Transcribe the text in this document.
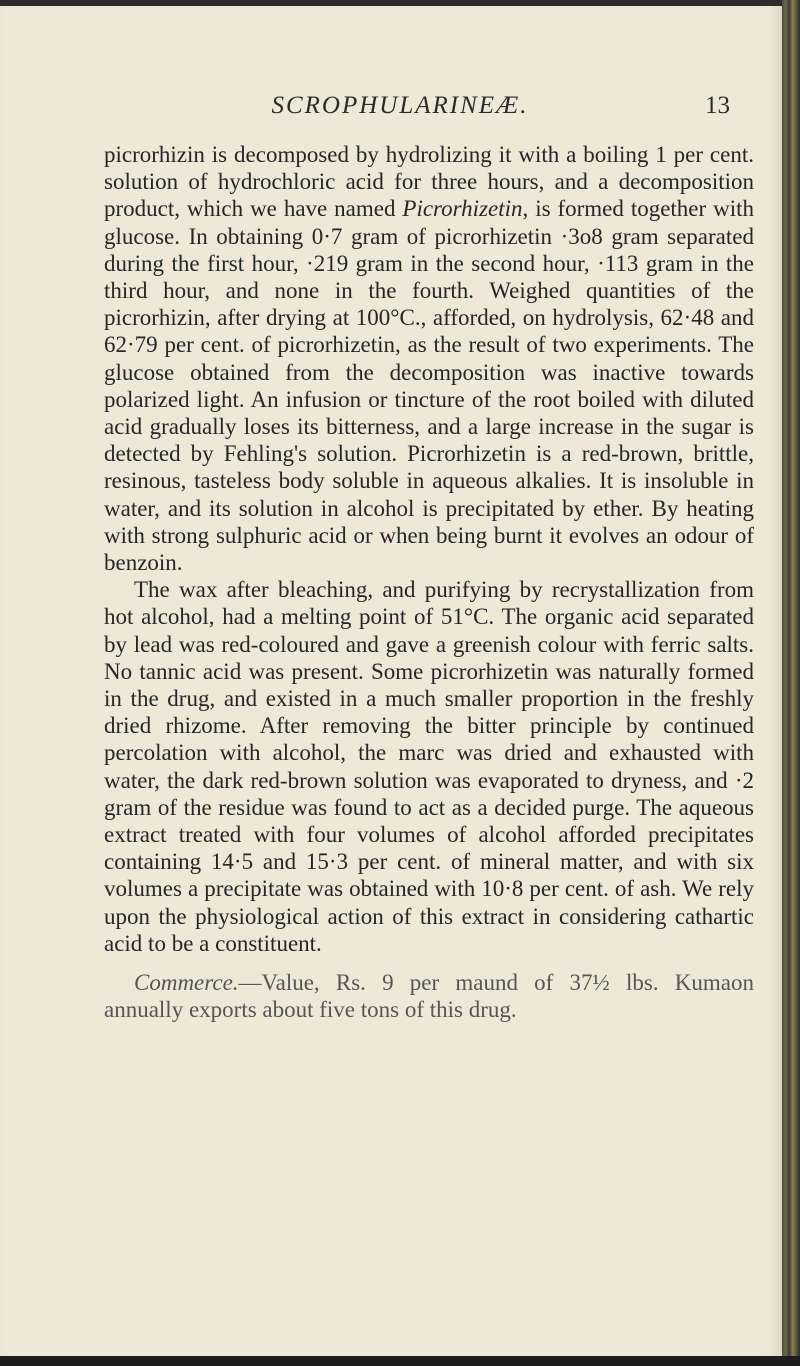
SCROPHULARINEÆ.	13

picrorhizin is decomposed by hydrolizing it with a boiling 1 per cent. solution of hydrochloric acid for three hours, and a decomposition product, which we have named Picrorhizetin, is formed together with glucose. In obtaining 0·7 gram of picrorhizetin ·3o8 gram separated during the first hour, ·219 gram in the second hour, ·113 gram in the third hour, and none in the fourth. Weighed quantities of the picrorhizin, after drying at 100°C., afforded, on hydrolysis, 62·48 and 62·79 per cent. of picrorhizetin, as the result of two experiments. The glucose obtained from the decomposition was inactive towards polarized light. An infusion or tincture of the root boiled with diluted acid gradually loses its bitterness, and a large increase in the sugar is detected by Fehling's solution. Picrorhizetin is a red-brown, brittle, resinous, tasteless body soluble in aqueous alkalies. It is insoluble in water, and its solution in alcohol is precipitated by ether. By heating with strong sulphuric acid or when being burnt it evolves an odour of benzoin.

The wax after bleaching, and purifying by recrystallization from hot alcohol, had a melting point of 51°C. The organic acid separated by lead was red-coloured and gave a greenish colour with ferric salts. No tannic acid was present. Some picrorhizetin was naturally formed in the drug, and existed in a much smaller proportion in the freshly dried rhizome. After removing the bitter principle by continued percolation with alcohol, the marc was dried and exhausted with water, the dark red-brown solution was evaporated to dryness, and ·2 gram of the residue was found to act as a decided purge. The aqueous extract treated with four volumes of alcohol afforded precipitates containing 14·5 and 15·3 per cent. of mineral matter, and with six volumes a precipitate was obtained with 10·8 per cent. of ash. We rely upon the physiological action of this extract in considering cathartic acid to be a constituent.

Commerce.—Value, Rs. 9 per maund of 37½ lbs. Kumaon annually exports about five tons of this drug.
